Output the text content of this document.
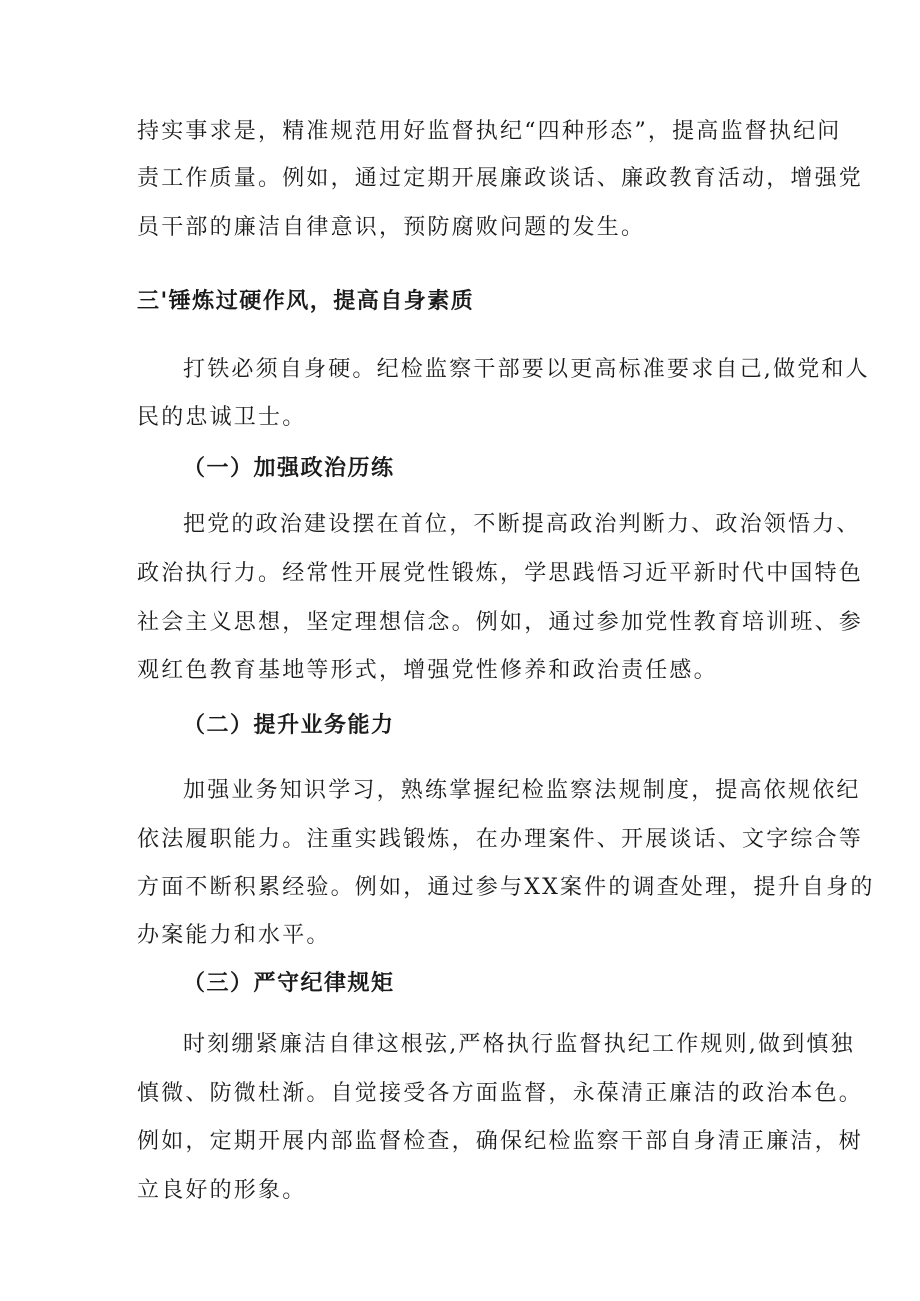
持实事求是，精准规范用好监督执纪“四种形态”，提高监督执纪问
责工作质量。例如，通过定期开展廉政谈话、廉政教育活动，增强党
员干部的廉洁自律意识，预防腐败问题的发生。
三'锤炼过硬作风，提高自身素质
打铁必须自身硬。纪检监察干部要以更高标准要求自己,做党和人
民的忠诚卫士。
（一）加强政治历练
把党的政治建设摆在首位，不断提高政治判断力、政治领悟力、
政治执行力。经常性开展党性锻炼，学思践悟习近平新时代中国特色
社会主义思想，坚定理想信念。例如，通过参加党性教育培训班、参
观红色教育基地等形式，增强党性修养和政治责任感。
（二）提升业务能力
加强业务知识学习，熟练掌握纪检监察法规制度，提高依规依纪
依法履职能力。注重实践锻炼，在办理案件、开展谈话、文字综合等
方面不断积累经验。例如，通过参与XX案件的调查处理，提升自身的
办案能力和水平。
（三）严守纪律规矩
时刻绷紧廉洁自律这根弦,严格执行监督执纪工作规则,做到慎独
慎微、防微杜渐。自觉接受各方面监督，永葆清正廉洁的政治本色。
例如，定期开展内部监督检查，确保纪检监察干部自身清正廉洁，树
立良好的形象。
